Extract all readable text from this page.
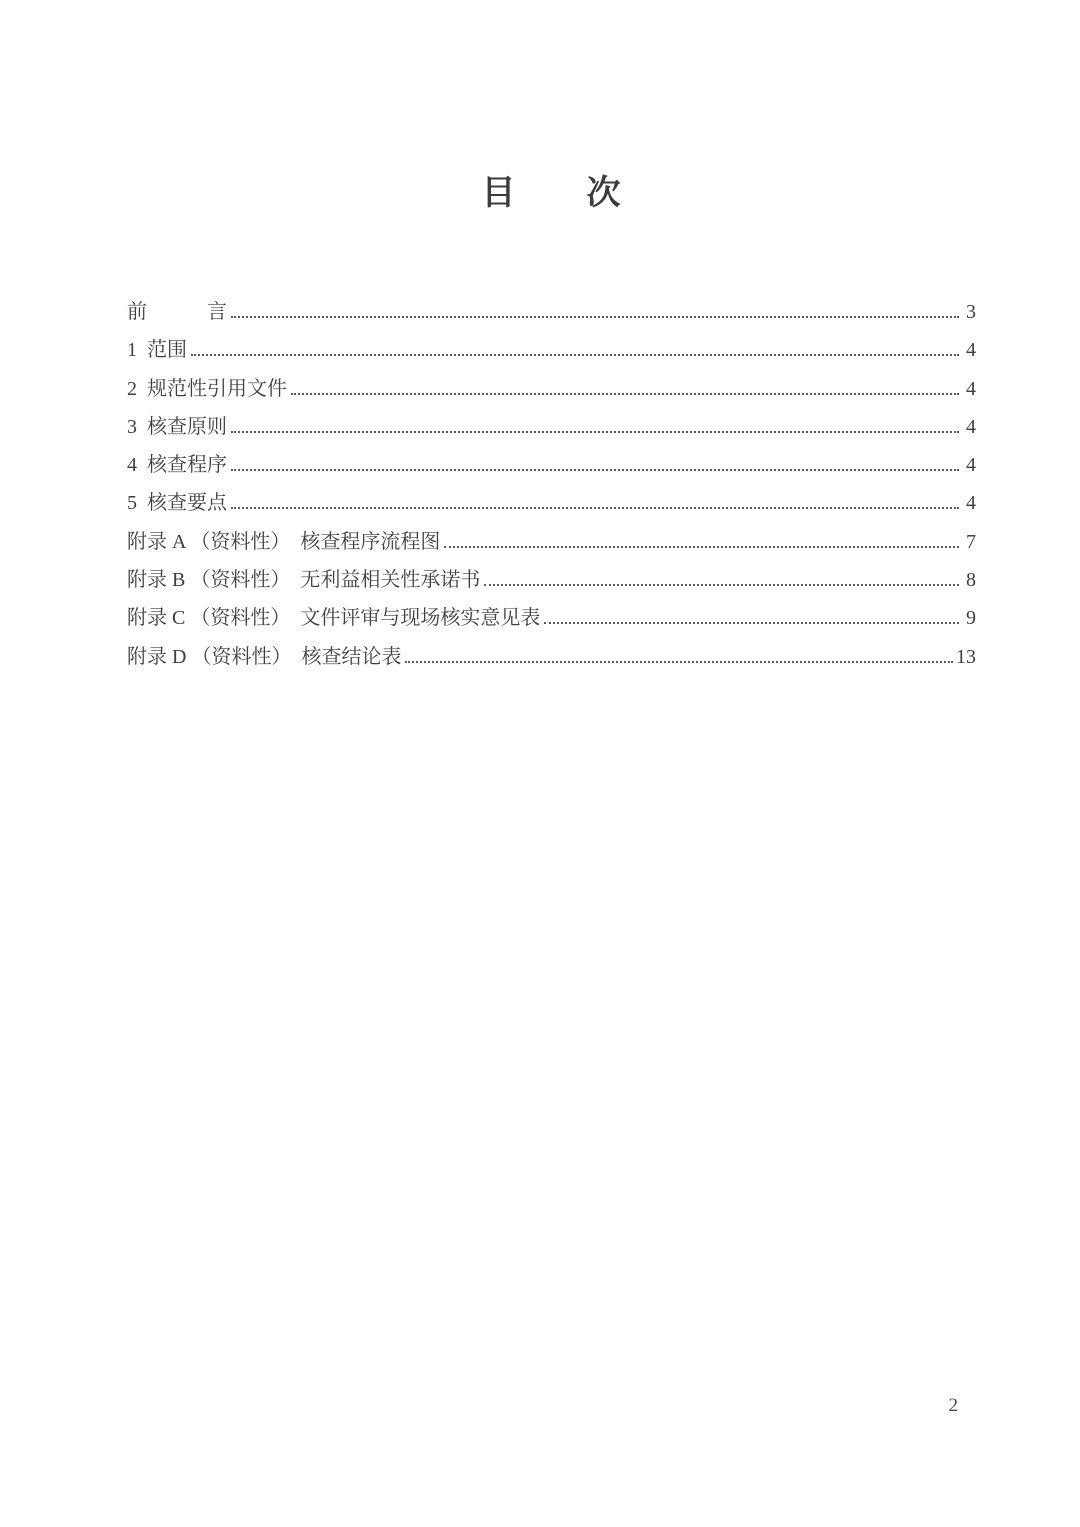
目　　次
前　　　言	3
1  范围	4
2  规范性引用文件	4
3  核查原则	4
4  核查程序	4
5  核查要点	4
附录 A （资料性）  核查程序流程图	7
附录 B （资料性）  无利益相关性承诺书	8
附录 C （资料性）  文件评审与现场核实意见表	9
附录 D （资料性）  核查结论表	13
2
